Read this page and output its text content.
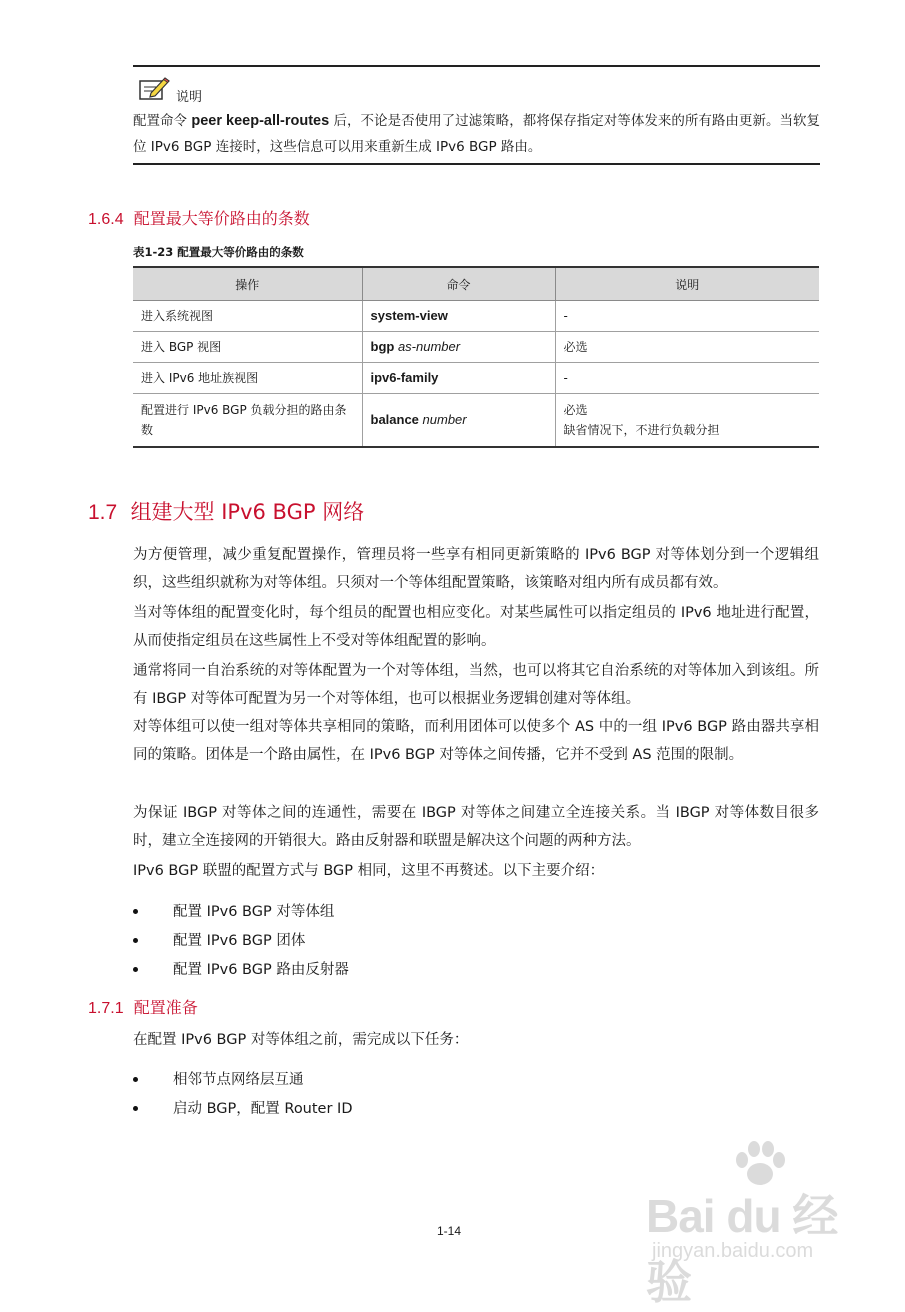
说明
配置命令 peer keep-all-routes 后，不论是否使用了过滤策略，都将保存指定对等体发来的所有路由更新。当软复位 IPv6 BGP 连接时，这些信息可以用来重新生成 IPv6 BGP 路由。
1.6.4 配置最大等价路由的条数
表1-23 配置最大等价路由的条数
操作	命令	说明
进入系统视图	system-view	-
进入 BGP 视图	bgp as-number	必选
进入 IPv6 地址族视图	ipv6-family	-
配置进行 IPv6 BGP 负载分担的路由条数	balance number	必选
缺省情况下，不进行负载分担
1.7 组建大型 IPv6 BGP 网络
为方便管理，减少重复配置操作，管理员将一些享有相同更新策略的 IPv6 BGP 对等体划分到一个逻辑组织，这些组织就称为对等体组。只须对一个等体组配置策略，该策略对组内所有成员都有效。
当对等体组的配置变化时，每个组员的配置也相应变化。对某些属性可以指定组员的 IPv6 地址进行配置，从而使指定组员在这些属性上不受对等体组配置的影响。
通常将同一自治系统的对等体配置为一个对等体组，当然，也可以将其它自治系统的对等体加入到该组。所有 IBGP 对等体可配置为另一个对等体组，也可以根据业务逻辑创建对等体组。
对等体组可以使一组对等体共享相同的策略，而利用团体可以使多个 AS 中的一组 IPv6 BGP 路由器共享相同的策略。团体是一个路由属性，在 IPv6 BGP 对等体之间传播，它并不受到 AS 范围的限制。
为保证 IBGP 对等体之间的连通性，需要在 IBGP 对等体之间建立全连接关系。当 IBGP 对等体数目很多时，建立全连接网的开销很大。路由反射器和联盟是解决这个问题的两种方法。
IPv6 BGP 联盟的配置方式与 BGP 相同，这里不再赘述。以下主要介绍：
配置 IPv6 BGP 对等体组
配置 IPv6 BGP 团体
配置 IPv6 BGP 路由反射器
1.7.1 配置准备
在配置 IPv6 BGP 对等体组之前，需完成以下任务：
相邻节点网络层互通
启动 BGP，配置 Router ID
1-14	Bai du 经验
jingyan.baidu.com
